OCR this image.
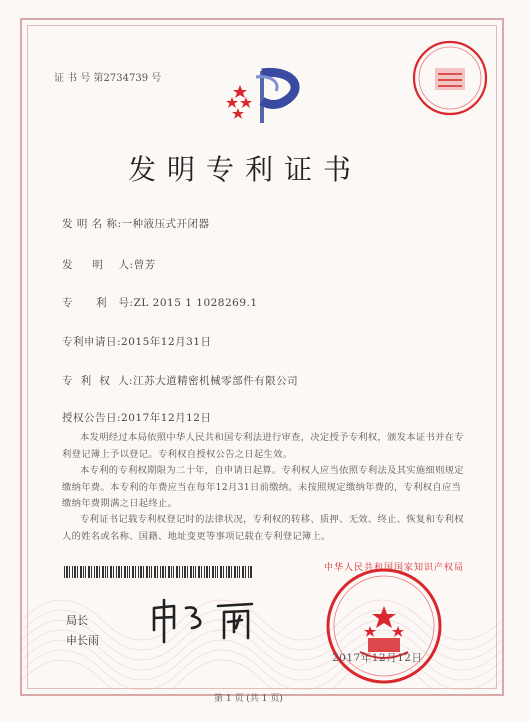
证 书 号 第2734739 号
发明专利证书
发 明 名 称:一种液压式开闭器
发     明    人:曾芳
专      利   号:ZL 2015 1 1028269.1
专利申请日:2015年12月31日
专  利  权  人:江苏大道精密机械零部件有限公司
授权公告日:2017年12月12日
本发明经过本局依照中华人民共和国专利法进行审查，决定授予专利权，颁发本证书并在专利登记簿上予以登记。专利权自授权公告之日起生效。
本专利的专利权期限为二十年，自申请日起算。专利权人应当依照专利法及其实施细则规定缴纳年费。本专利的年费应当在每年12月31日前缴纳。未按照规定缴纳年费的，专利权自应当缴纳年费期满之日起终止。
专利证书记载专利权登记时的法律状况，专利权的转移、质押、无效、终止、恢复和专利权人的姓名或名称、国籍、地址变更等事项记载在专利登记簿上。
局长
申长雨
中华人民共和国国家知识产权局
2017年12月12日
第 1 页 (共 1 页)
